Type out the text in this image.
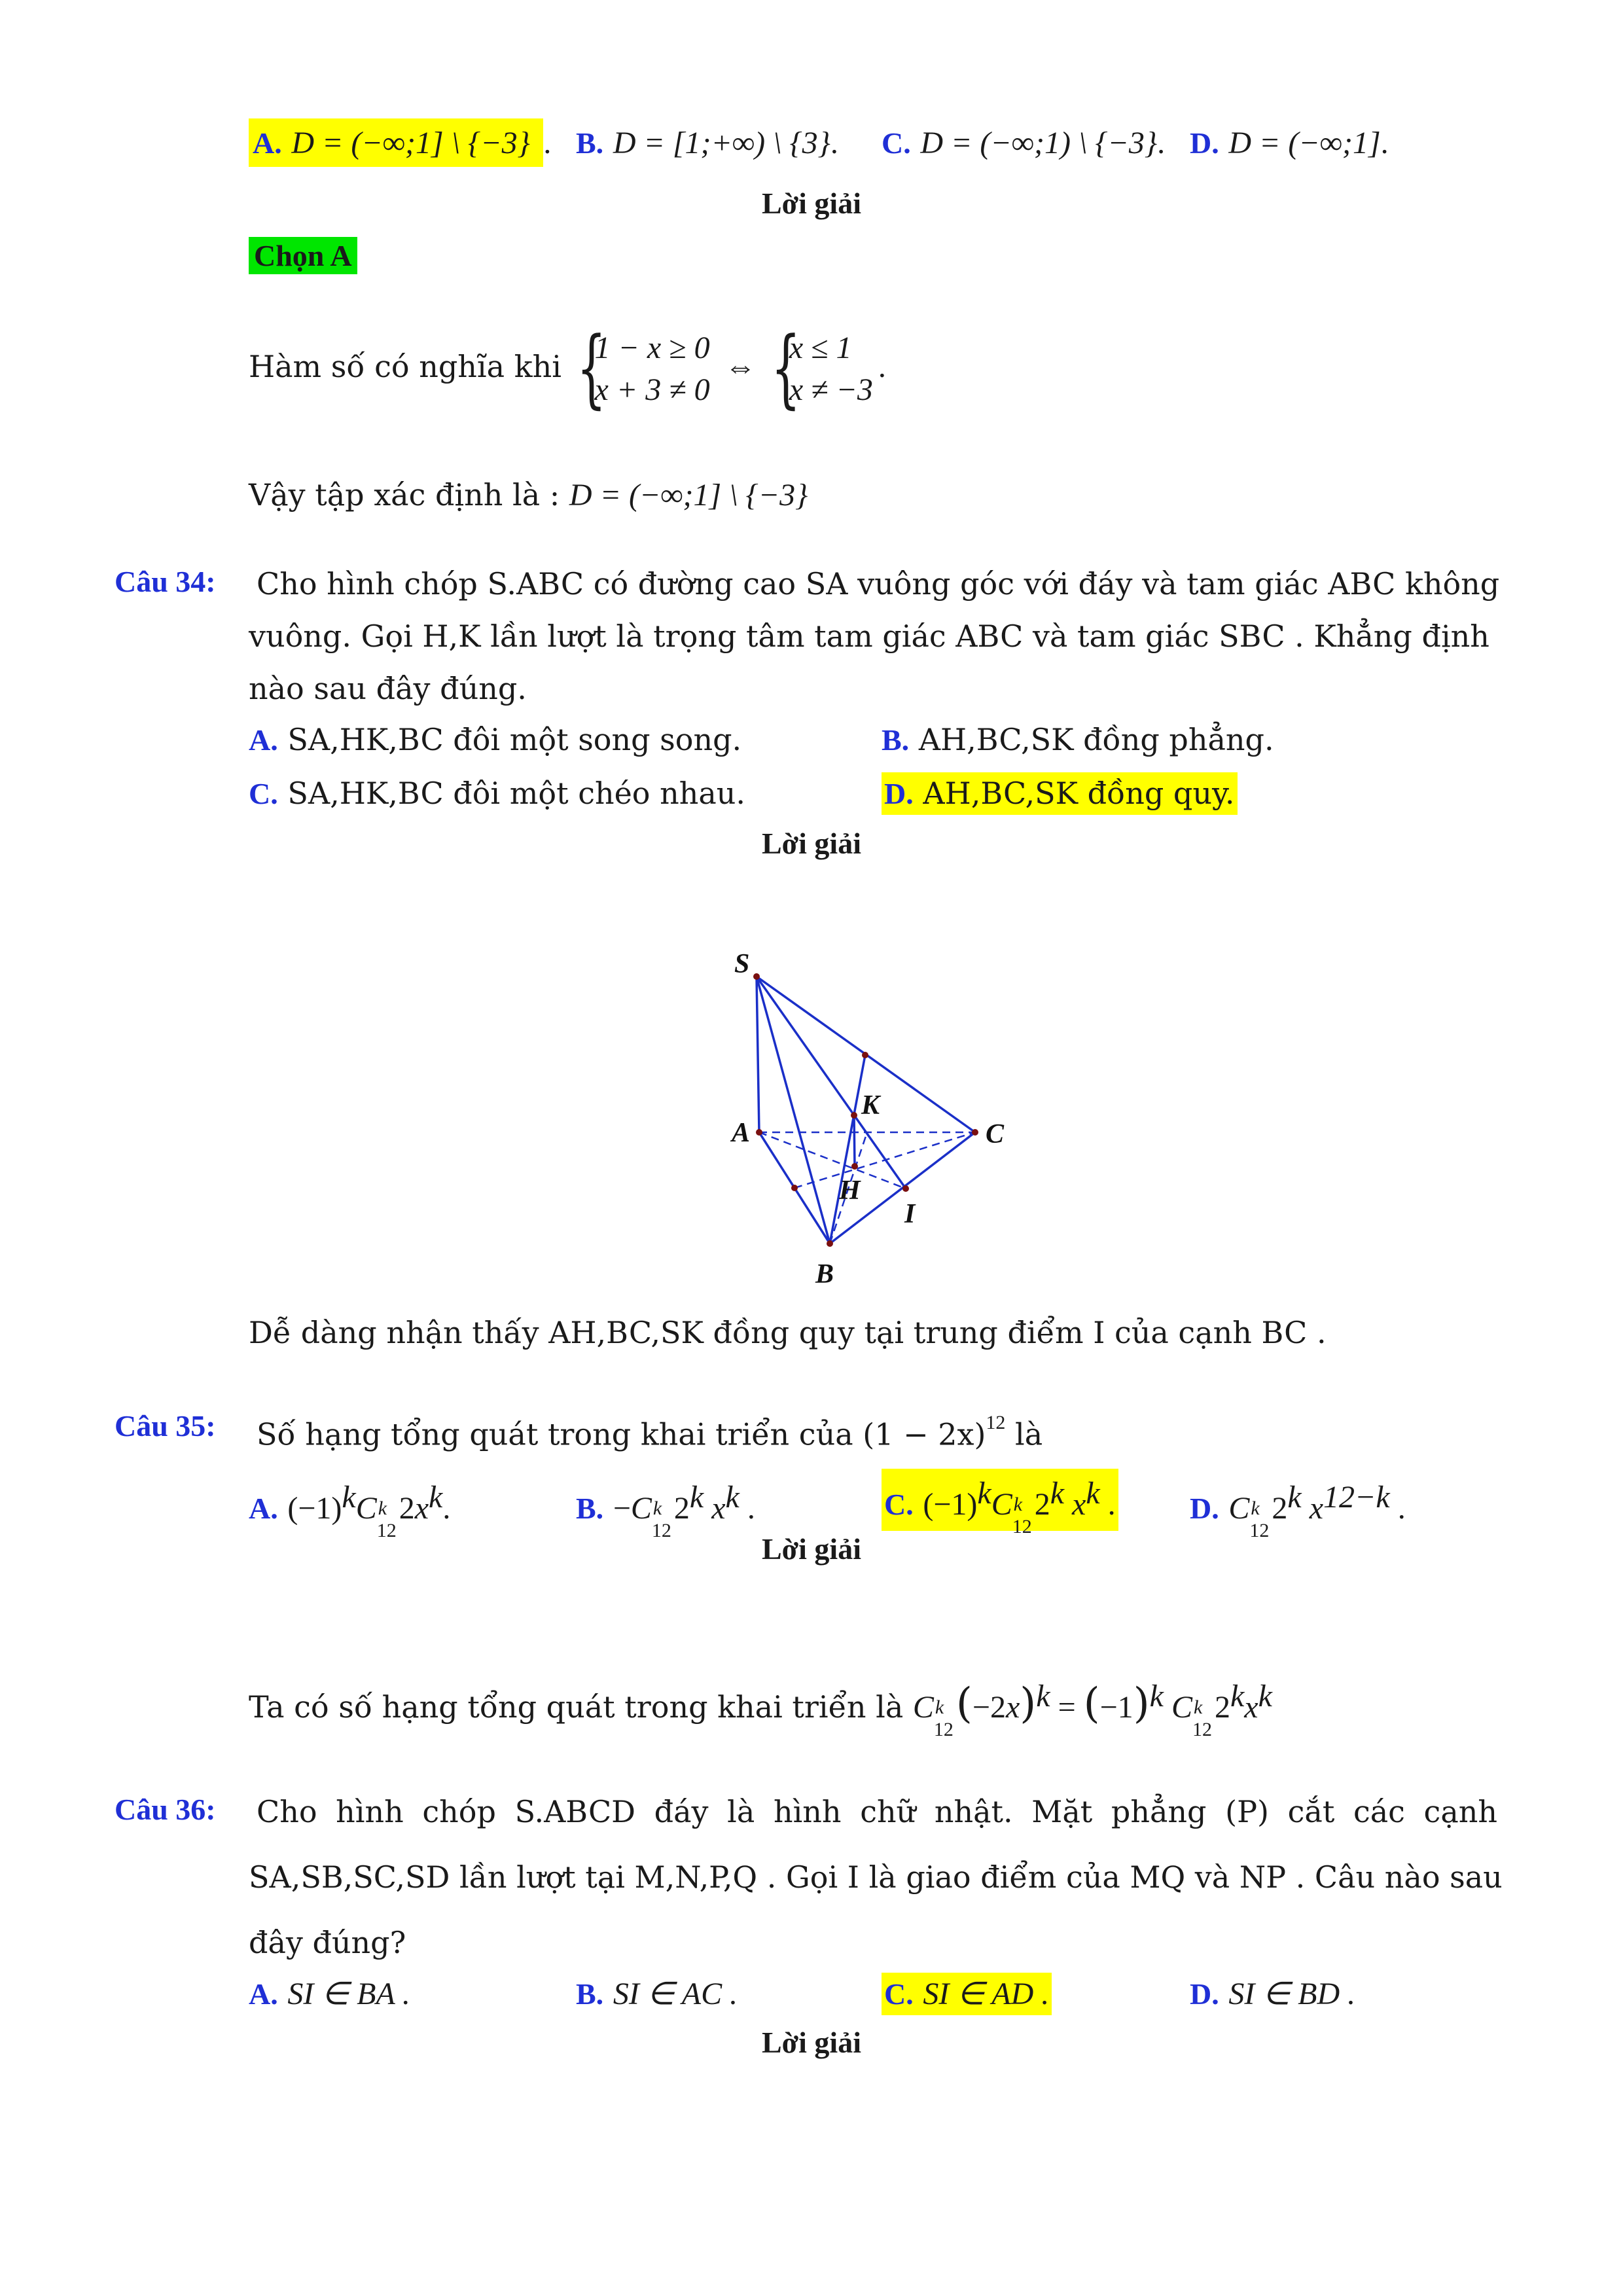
A. D = (−∞;1] \ {−3} . B. D = [1;+∞) \ {3}. C. D = (−∞;1) \ {−3}. D. D = (−∞;1].
Lời giải
Chọn A
Hàm số có nghĩa khi {
1 − x ≥ 0
x + 3 ≠ 0
⇔ {
x ≤ 1
x ≠ −3
.
Vậy tập xác định là : D = (−∞;1] \ {−3}
Câu 34: Cho hình chóp S.ABC có đường cao SA vuông góc với đáy và tam giác ABC không
vuông. Gọi H,K lần lượt là trọng tâm tam giác ABC và tam giác SBC . Khẳng định
nào sau đây đúng.
A. SA,HK,BC đôi một song song.	B. AH,BC,SK đồng phẳng.
C. SA,HK,BC đôi một chéo nhau.	D. AH,BC,SK đồng quy.
Lời giải
S
A
B
C
K
H
I
Dễ dàng nhận thấy AH,BC,SK đồng quy tại trung điểm I của cạnh BC .
Câu 35: Số hạng tổng quát trong khai triển của $(1 - 2x)^{12}$ là
A. $(-1)^kC$ k
12
$2x^k$.	B. −C k
12
2$^k$ $x^k$ .	C. $(-1)^kC$ k
12
2$^k$ $x^k$ . D. C k
12
2$^k$ $x^{12-k}$ .
Lời giải
Ta có số hạng tổng quát trong khai triển là C k
12
$(-2x)^k = (-1)^k$ C k
12
$2^kx^k$
Câu 36: Cho hình chóp S.ABCD đáy là hình chữ nhật. Mặt phẳng (P) cắt các cạnh
SA,SB,SC,SD lần lượt tại M,N,P,Q . Gọi I là giao điểm của MQ và NP . Câu nào sau
đây đúng?
A. SI ∈ BA .	B. SI ∈ AC .	C. SI ∈ AD .	D. SI ∈ BD .
Lời giải
